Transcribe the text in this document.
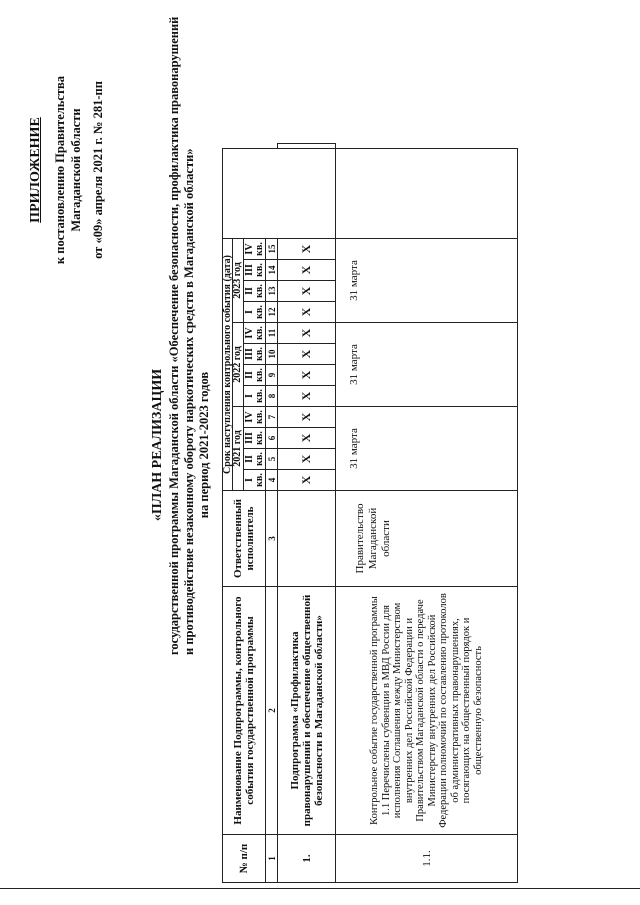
ПРИЛОЖЕНИЕ к постановлению Правительства Магаданской области от «09» апреля 2021 г. № 281-пп
«ПЛАН РЕАЛИЗАЦИИ государственной программы Магаданской области «Обеспечение безопасности, профилактика правонарушений и противодействие незаконному обороту наркотических средств в Магаданской области» на период 2021-2023 годов
№ п/п	Наименование Подпрограммы, контрольного события государственной программы	Ответственный исполнитель	Срок наступления контрольного события (дата)													
			2021 год				2022 год				2023 год					
			I кв.	II кв.	III кв.	IV кв.	I кв.	II кв.	III кв.	IV кв.	I кв.	II кв.	III кв.	IV кв.		
1	2	3	4	5	6	7	8	9	10	11	12	13	14	15		
1.	Подпрограмма «Профилактика правонарушений и обеспечение общественной безопасности в Магаданской области»		Х	Х	Х	Х	Х	Х	Х	Х	Х	Х	Х	Х		
1.1.	Контрольное событие государственной программы 1.1 Перечислены субвенции в МВД России для исполнения Соглашения между Министерством внутренних дел Российской Федерации и Правительством Магаданской области о передаче Министерству внутренних дел Российской Федерации полномочий по составлению протоколов об административных правонарушениях, посягающих на общественный порядок и общественную безопасность	Правительство Магаданской области	31 марта				31 марта				31 марта					
